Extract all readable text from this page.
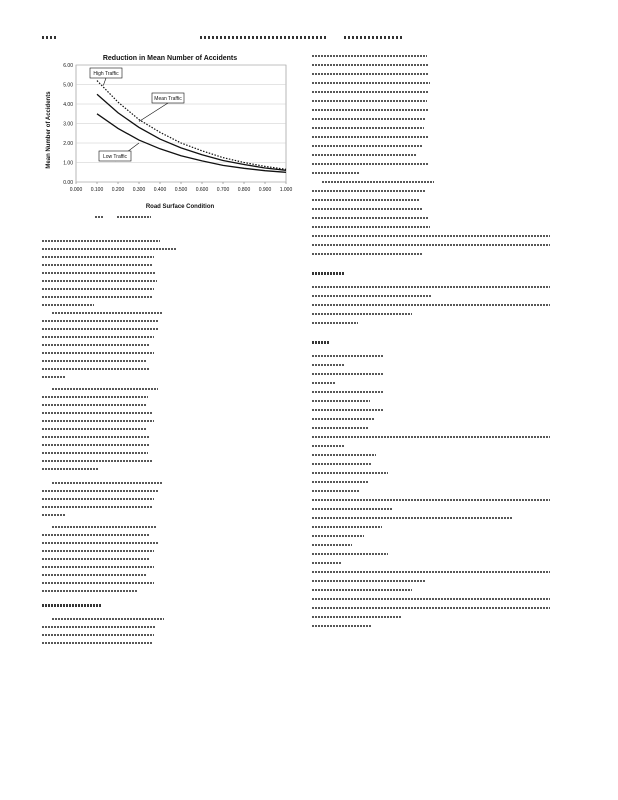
Reduction in Mean Number of Accidents
Mean Number of Accidents
Road Surface Condition
0.00
1.00
2.00
3.00
4.00
5.00
6.00
0.000 0.100 0.200 0.300 0.400 0.500 0.600 0.700 0.800 0.900 1.000
High Traffic
Mean Traffic
Low Traffic
